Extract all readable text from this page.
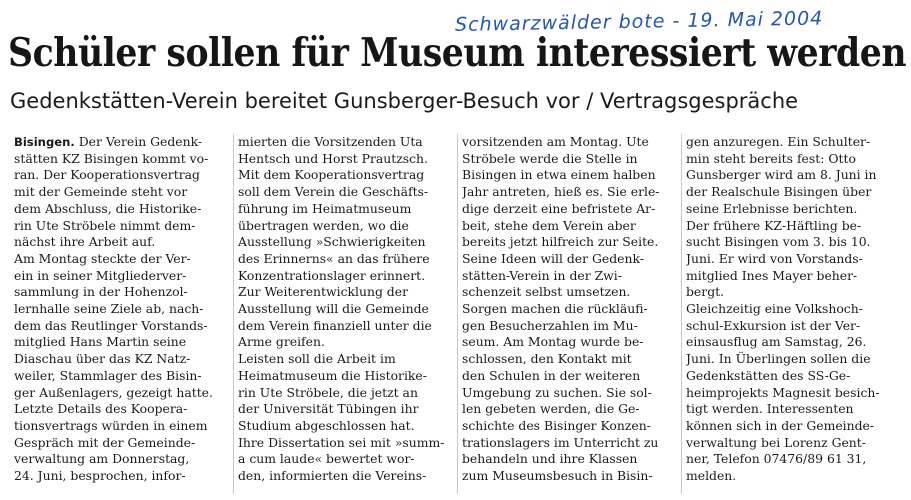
Schwarzwälder bote - 19. Mai 2004
Schüler sollen für Museum interessiert werden
Gedenkstätten-Verein bereitet Gunsberger-Besuch vor / Vertragsgespräche
Bisingen. Der Verein Gedenk-
stätten KZ Bisingen kommt vo-
ran. Der Kooperationsvertrag
mit der Gemeinde steht vor
dem Abschluss, die Historike-
rin Ute Ströbele nimmt dem-
nächst ihre Arbeit auf.
Am Montag steckte der Ver-
ein in seiner Mitgliederver-
sammlung in der Hohenzol-
lernhalle seine Ziele ab, nach-
dem das Reutlinger Vorstands-
mitglied Hans Martin seine
Diaschau über das KZ Natz-
weiler, Stammlager des Bisin-
ger Außenlagers, gezeigt hatte.
Letzte Details des Kooperа-
tionsvertrags würden in einem
Gespräch mit der Gemeinde-
verwaltung am Donnerstag,
24. Juni, besprochen, infor-
mierten die Vorsitzenden Uta
Hentsch und Horst Prautzsch.
Mit dem Kooperationsvertrag
soll dem Verein die Geschäfts-
führung im Heimatmuseum
übertragen werden, wo die
Ausstellung »Schwierigkeiten
des Erinnerns« an das frühere
Konzentrationslager erinnert.
Zur Weiterentwicklung der
Ausstellung will die Gemeinde
dem Verein finanziell unter die
Arme greifen.
Leisten soll die Arbeit im
Heimatmuseum die Historike-
rin Ute Ströbele, die jetzt an
der Universität Tübingen ihr
Studium abgeschlossen hat.
Ihre Dissertation sei mit »summ-
a cum laude« bewertet wor-
den, informierten die Vereins-
vorsitzenden am Montag. Ute
Ströbele werde die Stelle in
Bisingen in etwa einem halben
Jahr antreten, hieß es. Sie erle-
dige derzeit eine befristete Ar-
beit, stehe dem Verein aber
bereits jetzt hilfreich zur Seite.
Seine Ideen will der Gedenk-
stätten-Verein in der Zwi-
schenzeit selbst umsetzen.
Sorgen machen die rückläufi-
gen Besucherzahlen im Mu-
seum. Am Montag wurde be-
schlossen, den Kontakt mit
den Schulen in der weiteren
Umgebung zu suchen. Sie sol-
len gebeten werden, die Ge-
schichte des Bisinger Konzen-
trationslagers im Unterricht zu
behandeln und ihre Klassen
zum Museumsbesuch in Bisin-
gen anzuregen. Ein Schulter-
min steht bereits fest: Otto
Gunsberger wird am 8. Juni in
der Realschule Bisingen über
seine Erlebnisse berichten.
Der frühere KZ-Häftling be-
sucht Bisingen vom 3. bis 10.
Juni. Er wird von Vorstands-
mitglied Ines Mayer beher-
bergt.
Gleichzeitig eine Volkshoch-
schul-Exkursion ist der Ver-
einsausflug am Samstag, 26.
Juni. In Überlingen sollen die
Gedenkstätten des SS-Ge-
heimprojekts Magnesit besich-
tigt werden. Interessenten
können sich in der Gemeinde-
verwaltung bei Lorenz Gent-
ner, Telefon 07476/89 61 31,
melden.
